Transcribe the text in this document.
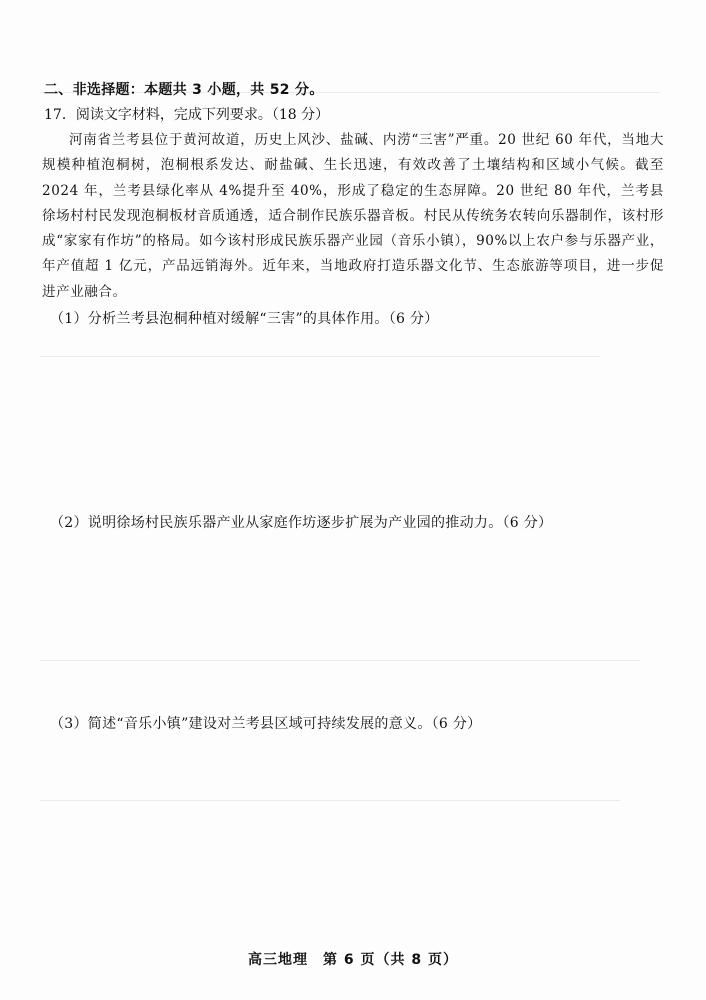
二、非选择题：本题共 3 小题，共 52 分。
17．阅读文字材料，完成下列要求。（18 分）
河南省兰考县位于黄河故道，历史上风沙、盐碱、内涝“三害”严重。20 世纪 60 年代，当地大规模种植泡桐树，泡桐根系发达、耐盐碱、生长迅速，有效改善了土壤结构和区域小气候。截至 2024 年，兰考县绿化率从 4%提升至 40%，形成了稳定的生态屏障。20 世纪 80 年代，兰考县徐场村村民发现泡桐板材音质通透，适合制作民族乐器音板。村民从传统务农转向乐器制作，该村形成“家家有作坊”的格局。如今该村形成民族乐器产业园（音乐小镇），90%以上农户参与乐器产业，年产值超 1 亿元，产品远销海外。近年来，当地政府打造乐器文化节、生态旅游等项目，进一步促进产业融合。
（1）分析兰考县泡桐种植对缓解“三害”的具体作用。（6 分）
（2）说明徐场村民族乐器产业从家庭作坊逐步扩展为产业园的推动力。（6 分）
（3）简述“音乐小镇”建设对兰考县区域可持续发展的意义。（6 分）
高三地理　第 6 页（共 8 页）
